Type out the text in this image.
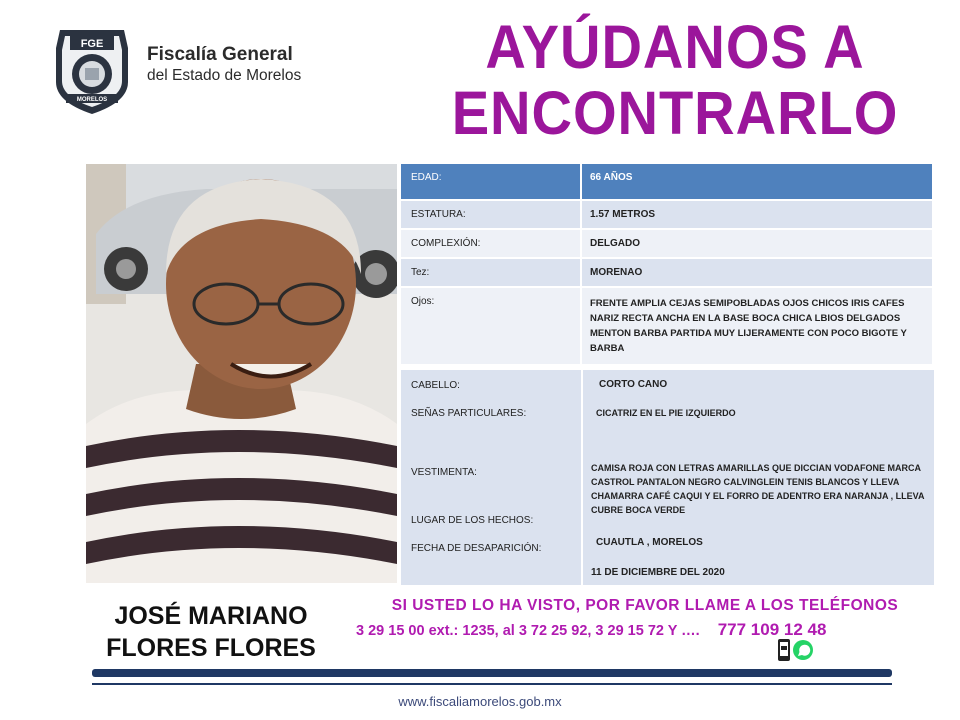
FGE
MORELOS
Fiscalía General
del Estado de Morelos	AYÚDANOS A
ENCONTRARLO
EDAD:	66 AÑOS
ESTATURA:	1.57 METROS
COMPLEXIÓN:	DELGADO
Tez:	MORENAO
Ojos:	FRENTE AMPLIA CEJAS SEMIPOBLADAS OJOS CHICOS IRIS CAFES NARIZ RECTA ANCHA EN LA BASE BOCA CHICA LBIOS DELGADOS MENTON BARBA PARTIDA MUY LIJERAMENTE CON POCO BIGOTE Y BARBA
CABELLO:	CORTO CANO
SEÑAS PARTICULARES:	CICATRIZ EN EL PIE IZQUIERDO
VESTIMENTA:	CAMISA ROJA CON LETRAS AMARILLAS QUE DICCIAN VODAFONE MARCA CASTROL PANTALON NEGRO CALVINGLEIN TENIS BLANCOS Y LLEVA CHAMARRA CAFÉ CAQUI Y EL FORRO DE ADENTRO ERA NARANJA , LLEVA CUBRE BOCA VERDE
LUGAR DE LOS HECHOS:
CUAUTLA , MORELOS
FECHA DE DESAPARICIÓN:
11 DE DICIEMBRE DEL 2020
JOSÉ MARIANO
FLORES FLORES
SI USTED LO HA VISTO, POR FAVOR LLAME A LOS TELÉFONOS
3 29 15 00 ext.: 1235, al 3 72 25 92, 3 29 15 72 Y …. 777 109 12 48
www.fiscaliamorelos.gob.mx
